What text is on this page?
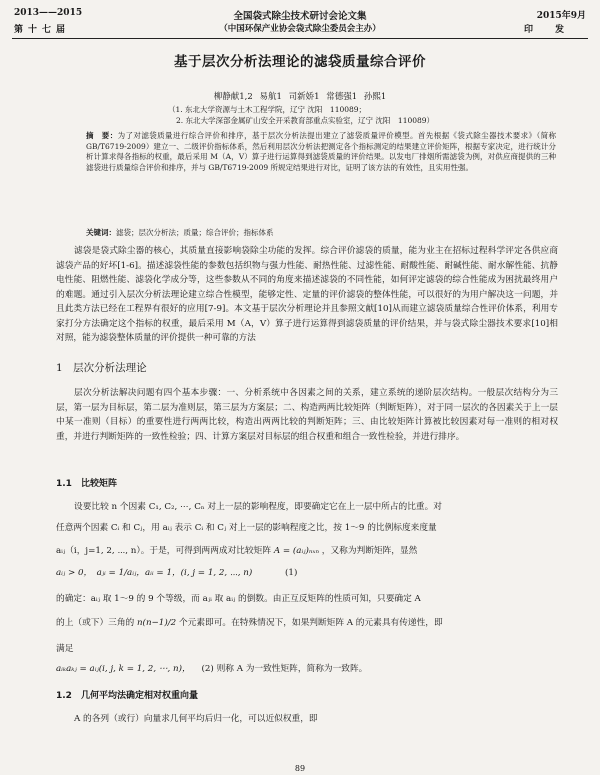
2013——2015
第十七届
全国袋式除尘技术研讨会论文集
（中国环保产业协会袋式除尘委员会主办）
2015年9月
印发
基于层次分析法理论的滤袋质量综合评价
柳静献1,2 易航1 司新娇1 常德强1 孙熙1
（1. 东北大学资源与土木工程学院，辽宁 沈阳　110089；
2. 东北大学深部金属矿山安全开采教育部重点实验室，辽宁 沈阳　110089）
摘　要：为了对滤袋质量进行综合评价和排序，基于层次分析法提出建立了滤袋质量评价模型。首先根据《袋式除尘器技术要求》（简称 GB/T6719-2009）建立一、二级评价指标体系，然后利用层次分析法把测定各个指标测定的结果建立评价矩阵，根据专家决定，进行统计分析计算求得各指标的权重，最后采用 M（A，V）算子进行运算得到滤袋质量的评价结果。以发电厂排烟所需滤袋为例，对供应商提供的三种滤袋进行质量综合评价和排序，并与 GB/T6719-2009 所规定结果进行对比，证明了该方法的有效性，且实用性强。
关键词：滤袋；层次分析法；质量；综合评价；指标体系
滤袋是袋式除尘器的核心，其质量直接影响袋除尘功能的发挥。综合评价滤袋的质量，能为业主在招标过程科学评定各供应商滤袋产品的好坏[1-6]。描述滤袋性能的参数包括织物与强力性能、耐热性能、过滤性能、耐酸性能、耐碱性能、耐水解性能、抗静电性能、阻燃性能、滤袋化学成分等，这些参数从不同的角度来描述滤袋的不同性能，如何评定滤袋的综合性能成为困扰最终用户的难题。通过引入层次分析法理论建立综合性模型，能够定性、定量的评价滤袋的整体性能，可以很好的为用户解决这一问题，并且此类方法已经在工程界有很好的应用[7-9]。本文基于层次分析理论并且参照文献[10]从而建立滤袋质量综合性评价体系，利用专家打分方法确定这个指标的权重，最后采用 M（A，V）算子进行运算得到滤袋质量的评价结果，并与袋式除尘器技术要求[10]相对照，能为滤袋整体质量的评价提供一种可靠的方法
1　层次分析法理论
层次分析法解决问题有四个基本步骤：一、分析系统中各因素之间的关系，建立系统的递阶层次结构。一般层次结构分为三层，第一层为目标层，第二层为准则层，第三层为方案层；二、构造两两比较矩阵（判断矩阵），对于同一层次的各因素关于上一层中某一准则（目标）的重要性进行两两比较，构造出两两比较的判断矩阵；三、由比较矩阵计算被比较因素对每一准则的相对权重，并进行判断矩阵的一致性检验；四、计算方案层对目标层的组合权重和组合一致性检验，并进行排序。
1.1　比较矩阵
设要比较 n 个因素 C₁, C₂, ⋯, Cₙ 对上一层的影响程度，即要确定它在上一层中所占的比重。对
任意两个因素 Cᵢ 和 Cⱼ，用 aᵢⱼ 表示 Cᵢ 和 Cⱼ 对上一层的影响程度之比，按 1～9 的比例标度来度量
aᵢⱼ（i，j=1, 2, ⋯, n）。于是，可得到两两成对比较矩阵 A = (aᵢⱼ)ₙₓₙ ，又称为判断矩阵，显然
aᵢⱼ > 0，　aⱼᵢ = 1/aᵢⱼ，aᵢᵢ = 1，(i, j = 1, 2, ⋯, n)	(1)
的确定：aᵢⱼ 取 1～9 的 9 个等级，而 aⱼᵢ 取 aᵢⱼ 的倒数。由正互反矩阵的性质可知，只要确定 A
的上（或下）三角的 n(n−1)/2 个元素即可。在特殊情况下，如果判断矩阵 A 的元素具有传递性，即
满足
aᵢₖaₖⱼ = aᵢⱼ(i, j, k = 1, 2, ⋯, n)， (2) 则称 A 为一致性矩阵，简称为一致阵。
1.2　几何平均法确定相对权重向量
A 的各列（或行）向量求几何平均后归一化，可以近似权重，即
89
